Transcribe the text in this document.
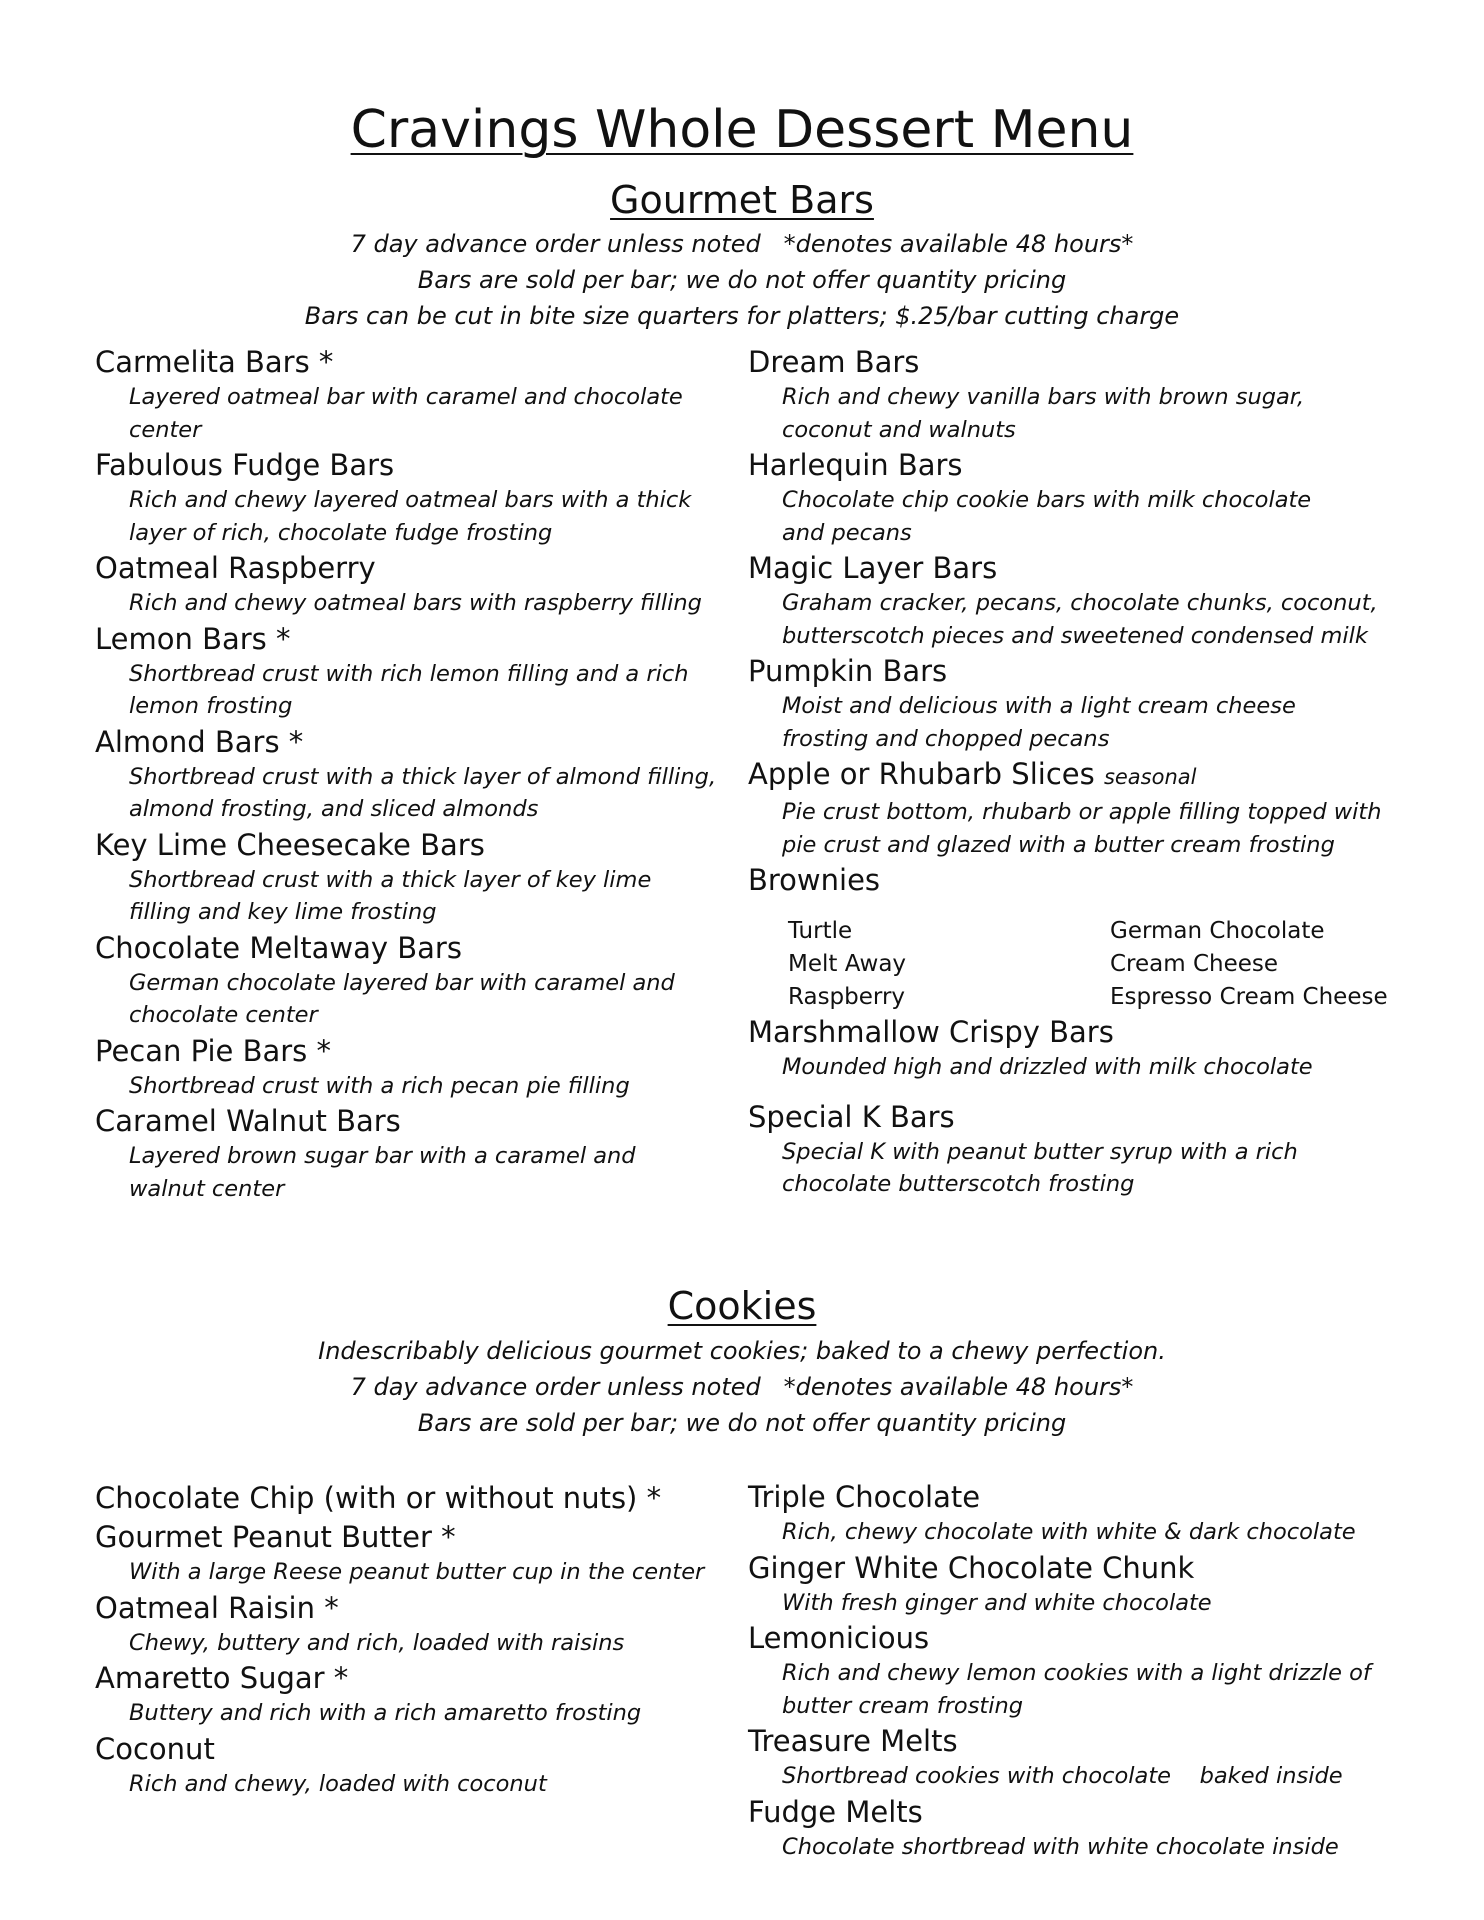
Cravings Whole Dessert Menu
Gourmet Bars
7 day advance order unless noted   *denotes available 48 hours*
Bars are sold per bar; we do not offer quantity pricing
Bars can be cut in bite size quarters for platters; $.25/bar cutting charge
Carmelita Bars *
Layered oatmeal bar with caramel and chocolate center
Fabulous Fudge Bars
Rich and chewy layered oatmeal bars with a thick layer of rich, chocolate fudge frosting
Oatmeal Raspberry
Rich and chewy oatmeal bars with raspberry filling
Lemon Bars *
Shortbread crust with rich lemon filling and a rich lemon frosting
Almond Bars *
Shortbread crust with a thick layer of almond filling, almond frosting, and sliced almonds
Key Lime Cheesecake Bars
Shortbread crust with a thick layer of key lime filling and key lime frosting
Chocolate Meltaway Bars
German chocolate layered bar with caramel and chocolate center
Pecan Pie Bars *
Shortbread crust with a rich pecan pie filling
Caramel Walnut Bars
Layered brown sugar bar with a caramel and walnut center
Dream Bars
Rich and chewy vanilla bars with brown sugar, coconut and walnuts
Harlequin Bars
Chocolate chip cookie bars with milk chocolate and pecans
Magic Layer Bars
Graham cracker, pecans, chocolate chunks, coconut, butterscotch pieces and sweetened condensed milk
Pumpkin Bars
Moist and delicious with a light cream cheese frosting and chopped pecans
Apple or Rhubarb Slices seasonal
Pie crust bottom, rhubarb or apple filling topped with pie crust and glazed with a butter cream frosting
Brownies
Turtle	German Chocolate
Melt Away	Cream Cheese
Raspberry	Espresso Cream Cheese
Marshmallow Crispy Bars
Mounded high and drizzled with milk chocolate
Special K Bars
Special K with peanut butter syrup with a rich chocolate butterscotch frosting
Cookies
Indescribably delicious gourmet cookies; baked to a chewy perfection.
7 day advance order unless noted   *denotes available 48 hours*
Bars are sold per bar; we do not offer quantity pricing
Chocolate Chip (with or without nuts) *
Gourmet Peanut Butter *
With a large Reese peanut butter cup in the center
Oatmeal Raisin *
Chewy, buttery and rich, loaded with raisins
Amaretto Sugar *
Buttery and rich with a rich amaretto frosting
Coconut
Rich and chewy, loaded with coconut
Triple Chocolate
Rich, chewy chocolate with white & dark chocolate
Ginger White Chocolate Chunk
With fresh ginger and white chocolate
Lemonicious
Rich and chewy lemon cookies with a light drizzle of butter cream frosting
Treasure Melts
Shortbread cookies with chocolate    baked inside
Fudge Melts
Chocolate shortbread with white chocolate inside
